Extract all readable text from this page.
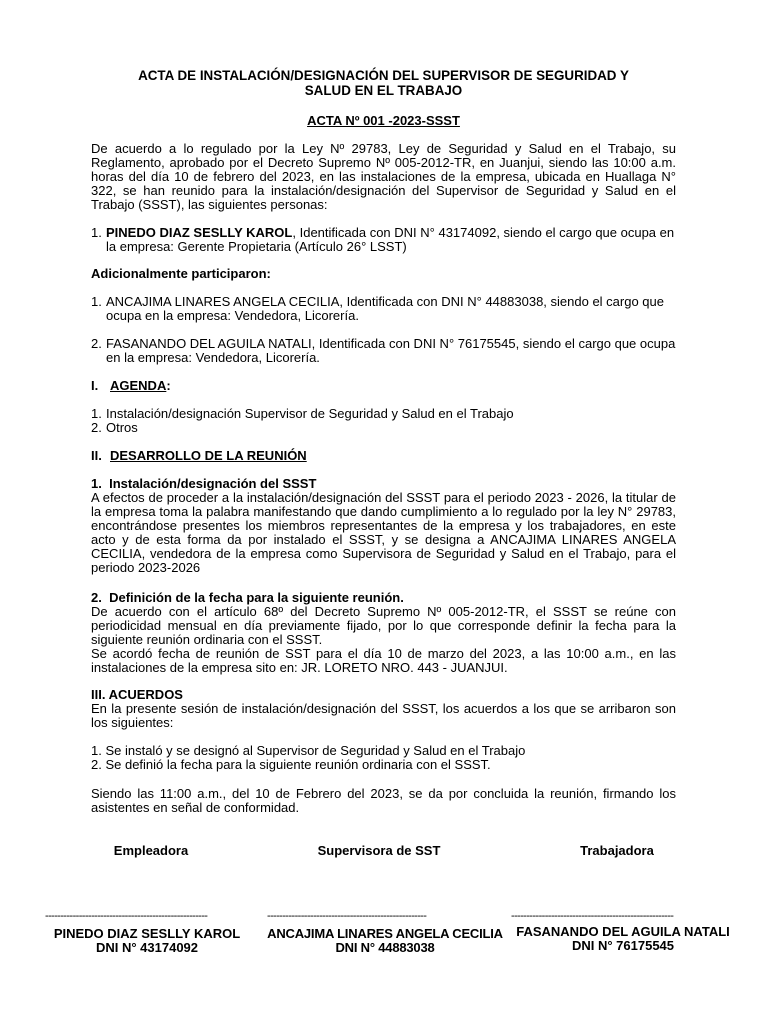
ACTA DE INSTALACIÓN/DESIGNACIÓN DEL SUPERVISOR DE SEGURIDAD Y
SALUD EN EL TRABAJO
ACTA Nº 001 -2023-SSST
De acuerdo a lo regulado por la Ley Nº 29783, Ley de Seguridad y Salud en el Trabajo, su Reglamento, aprobado por el Decreto Supremo Nº 005-2012-TR, en Juanjui, siendo las 10:00 a.m. horas del día 10 de febrero del 2023, en las instalaciones de la empresa, ubicada en Huallaga N° 322, se han reunido para la instalación/designación del Supervisor de Seguridad y Salud en el Trabajo (SSST), las siguientes personas:
1. PINEDO DIAZ SESLLY KAROL, Identificada con DNI N° 43174092, siendo el cargo que ocupa en la empresa: Gerente Propietaria (Artículo 26° LSST)
Adicionalmente participaron:
1. ANCAJIMA LINARES ANGELA CECILIA, Identificada con DNI N° 44883038, siendo el cargo que ocupa en la empresa: Vendedora, Licorería.
2. FASANANDO DEL AGUILA NATALI, Identificada con DNI N° 76175545, siendo el cargo que ocupa en la empresa: Vendedora, Licorería.
I. AGENDA:
1. Instalación/designación Supervisor de Seguridad y Salud en el Trabajo
2. Otros
II. DESARROLLO DE LA REUNIÓN
1. Instalación/designación del SSST
A efectos de proceder a la instalación/designación del SSST para el periodo 2023 - 2026, la titular de la empresa toma la palabra manifestando que dando cumplimiento a lo regulado por la ley N° 29783, encontrándose presentes los miembros representantes de la empresa y los trabajadores, en este acto y de esta forma da por instalado el SSST, y se designa a ANCAJIMA LINARES ANGELA CECILIA, vendedora de la empresa como Supervisora de Seguridad y Salud en el Trabajo, para el periodo 2023-2026
2. Definición de la fecha para la siguiente reunión.
De acuerdo con el artículo 68º del Decreto Supremo Nº 005-2012-TR, el SSST se reúne con periodicidad mensual en día previamente fijado, por lo que corresponde definir la fecha para la siguiente reunión ordinaria con el SSST.
Se acordó fecha de reunión de SST para el día 10 de marzo del 2023, a las 10:00 a.m., en las instalaciones de la empresa sito en: JR. LORETO NRO. 443 - JUANJUI.
III. ACUERDOS
En la presente sesión de instalación/designación del SSST, los acuerdos a los que se arribaron son los siguientes:
1. Se instaló y se designó al Supervisor de Seguridad y Salud en el Trabajo
2. Se definió la fecha para la siguiente reunión ordinaria con el SSST.
Siendo las 11:00 a.m., del 10 de Febrero del 2023, se da por concluida la reunión, firmando los asistentes en señal de conformidad.
Empleadora	Supervisora de SST	Trabajadora
-----------------------------------------------------	----------------------------------------------------	-----------------------------------------------------
PINEDO DIAZ SESLLY KAROL
DNI N° 43174092
ANCAJIMA LINARES ANGELA CECILIA
DNI N° 44883038
FASANANDO DEL AGUILA NATALI
DNI N° 76175545
